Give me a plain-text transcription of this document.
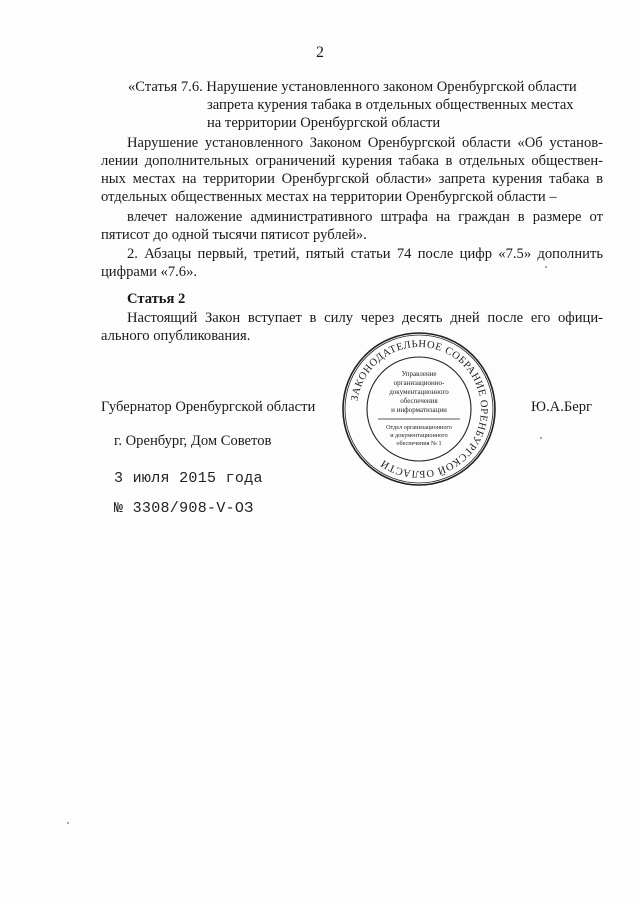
2
«Статья 7.6. Нарушение установленного законом Оренбургской области
запрета курения табака в отдельных общественных местах
на территории Оренбургской области
Нарушение установленного Законом Оренбургской области «Об установ-
лении дополнительных ограничений курения табака в отдельных обществен-
ных местах на территории Оренбургской области» запрета курения табака в
отдельных общественных местах на территории Оренбургской области –
влечет наложение административного штрафа на граждан в размере от
пятисот до одной тысячи пятисот рублей».
2. Абзацы первый, третий, пятый статьи 74 после цифр «7.5» дополнить
цифрами «7.6».
Статья 2
Настоящий Закон вступает в силу через десять дней после его офици-
ального опубликования.
Губернатор Оренбургской области	Ю.А.Берг
г. Оренбург, Дом Советов
3 июля 2015 года
№ 3308/908-V-ОЗ
ЗАКОНОДАТЕЛЬНОЕ СОБРАНИЕ ОРЕНБУРГСКОЙ ОБЛАСТИ
Управление
организационно-
документационного
обеспечения
и информатизации
Отдел организационного
и документационного
обеспечения № 1
